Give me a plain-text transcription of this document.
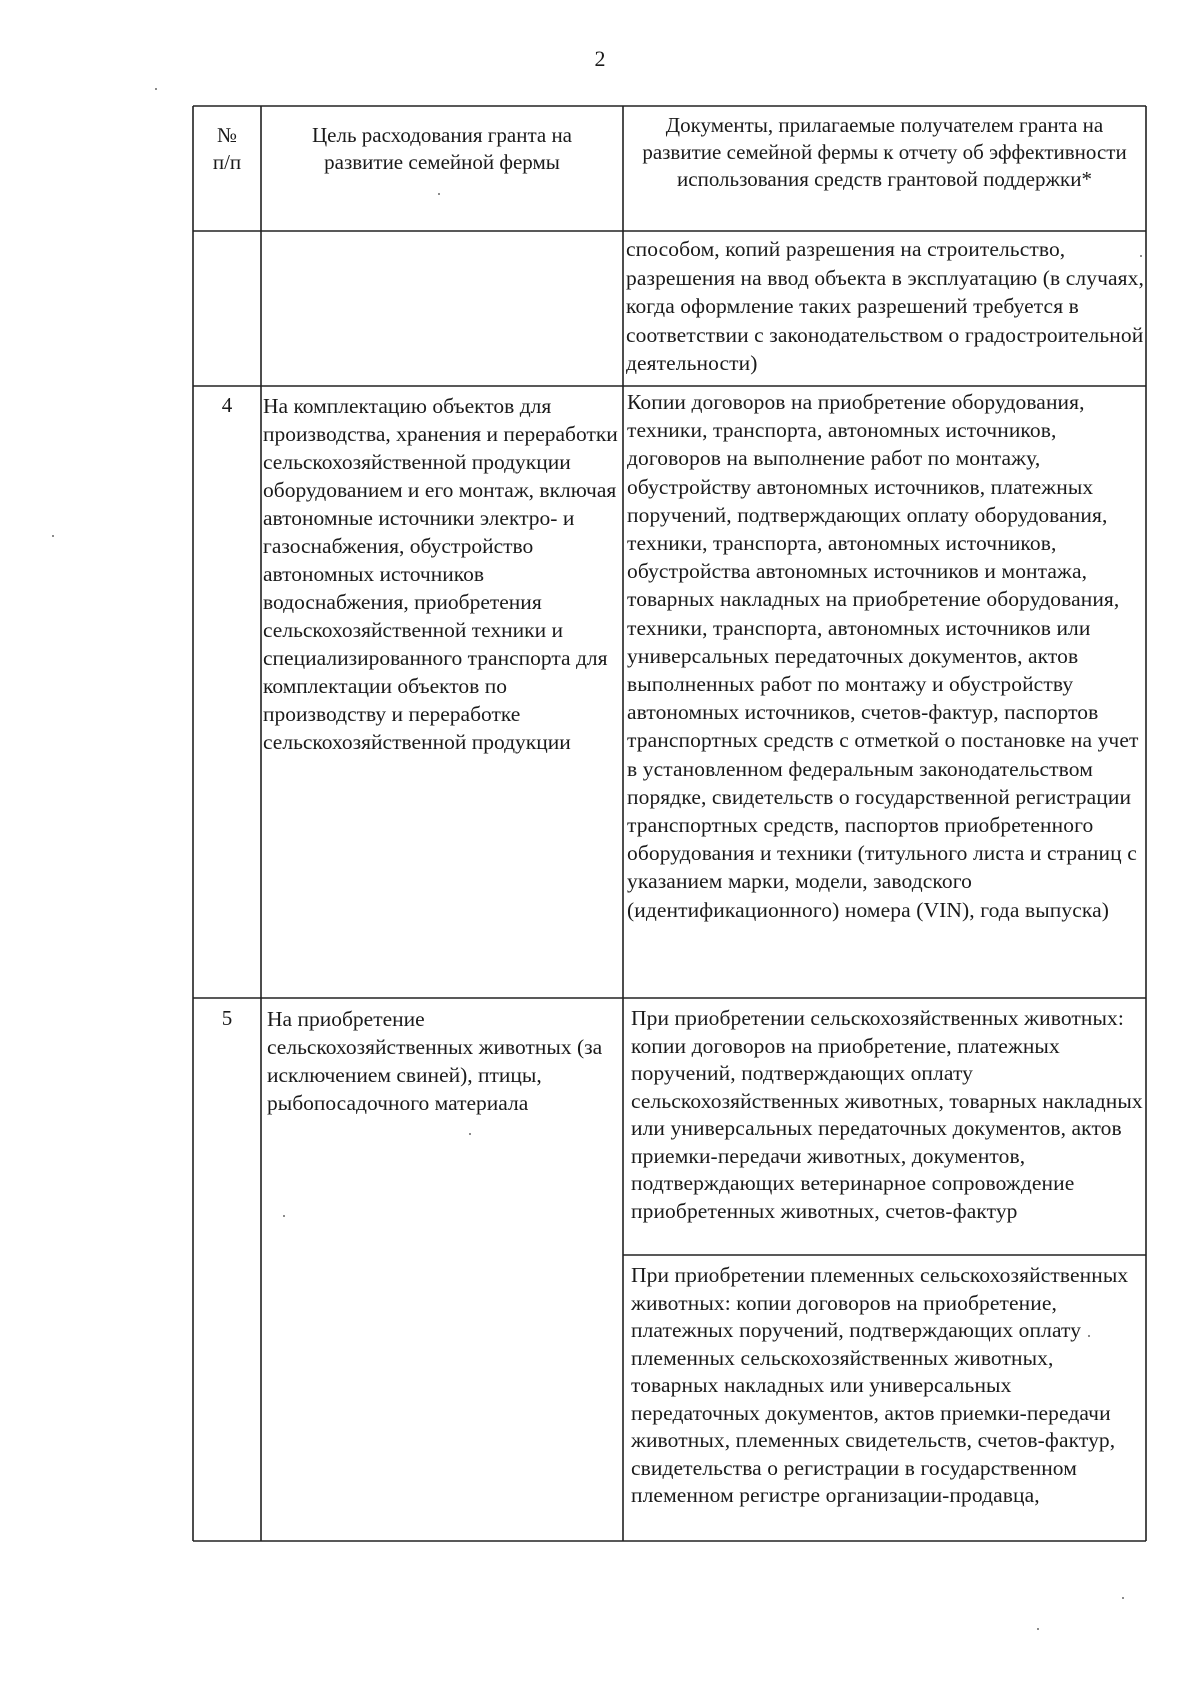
2
№
п/п
Цель расходования гранта на развитие семейной фермы
Документы, прилагаемые получателем гранта на развитие семейной фермы к отчету об эффективности использования средств грантовой поддержки*
способом, копий разрешения на строительство, разрешения на ввод объекта в эксплуатацию (в случаях, когда оформление таких разрешений требуется в соответствии с законодательством о градостроительной деятельности)
4	На комплектацию объектов для производства, хранения и переработки сельскохозяйственной продукции оборудованием и его монтаж, включая автономные источники электро- и газоснабжения, обустройство автономных источников водоснабжения, приобретения сельскохозяйственной техники и специализированного транспорта для комплектации объектов по производству и переработке сельскохозяйственной продукции
Копии договоров на приобретение оборудования, техники, транспорта, автономных источников, договоров на выполнение работ по монтажу, обустройству автономных источников, платежных поручений, подтверждающих оплату оборудования, техники, транспорта, автономных источников, обустройства автономных источников и монтажа, товарных накладных на приобретение оборудования, техники, транспорта, автономных источников или универсальных передаточных документов, актов выполненных работ по монтажу и обустройству автономных источников, счетов-фактур, паспортов транспортных средств с отметкой о постановке на учет в установленном федеральным законодательством порядке, свидетельств о государственной регистрации транспортных средств, паспортов приобретенного оборудования и техники (титульного листа и страниц с указанием марки, модели, заводского (идентификационного) номера (VIN), года выпуска)
5	На приобретение сельскохозяйственных животных (за исключением свиней), птицы, рыбопосадочного материала
При приобретении сельскохозяйственных животных: копии договоров на приобретение, платежных поручений, подтверждающих оплату сельскохозяйственных животных, товарных накладных или универсальных передаточных документов, актов приемки-передачи животных, документов, подтверждающих ветеринарное сопровождение приобретенных животных, счетов-фактур
При приобретении племенных сельскохозяйственных животных: копии договоров на приобретение, платежных поручений, подтверждающих оплату племенных сельскохозяйственных животных, товарных накладных или универсальных передаточных документов, актов приемки-передачи животных, племенных свидетельств, счетов-фактур, свидетельства о регистрации в государственном племенном регистре организации-продавца,
